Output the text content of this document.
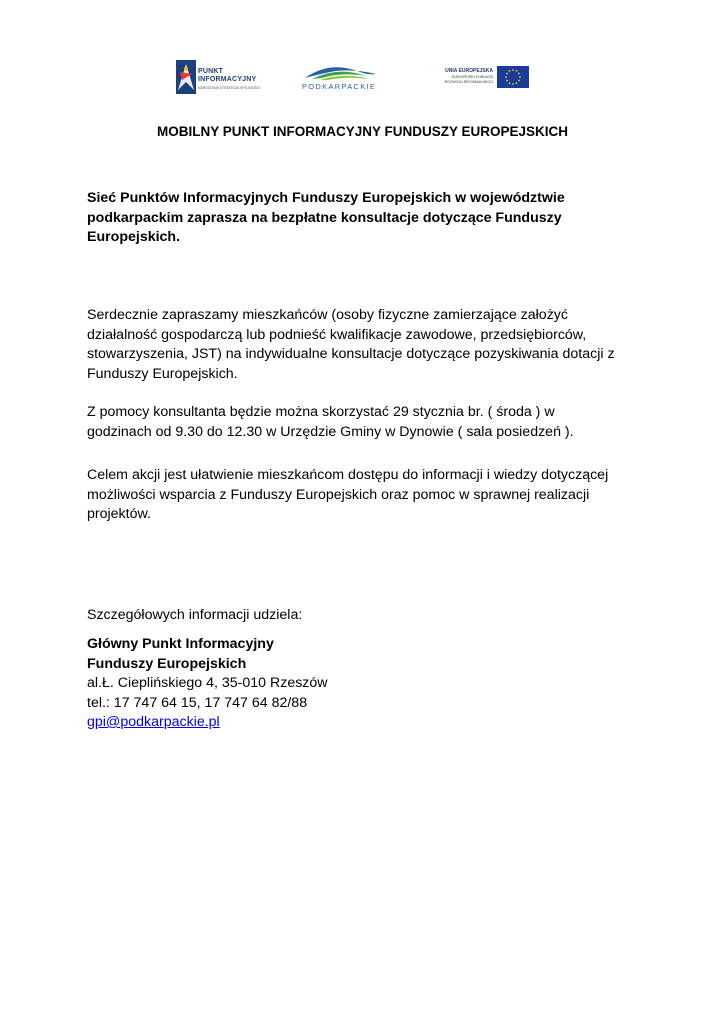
PUNKT
INFORMACYJNY
NARODOWA STRATEGIA SPÓJNOŚCI	PODKARPACKIE
UNIA EUROPEJSKA
EUROPEJSKI FUNDUSZ
ROZWOJU REGIONALNEGO
MOBILNY PUNKT INFORMACYJNY FUNDUSZY EUROPEJSKICH

Sieć Punktów Informacyjnych Funduszy Europejskich w województwie
podkarpackim zaprasza na bezpłatne konsultacje dotyczące Funduszy
Europejskich.

Serdecznie zapraszamy mieszkańców (osoby fizyczne zamierzające założyć
działalność gospodarczą lub podnieść kwalifikacje zawodowe, przedsiębiorców,
stowarzyszenia, JST) na indywidualne konsultacje dotyczące pozyskiwania dotacji z
Funduszy Europejskich.

Z pomocy konsultanta będzie można skorzystać 29 stycznia br. ( środa ) w
godzinach od 9.30 do 12.30 w Urzędzie Gminy w Dynowie ( sala posiedzeń ).

Celem akcji jest ułatwienie mieszkańcom dostępu do informacji i wiedzy dotyczącej
możliwości wsparcia z Funduszy Europejskich oraz pomoc w sprawnej realizacji
projektów.

Szczegółowych informacji udziela:

Główny Punkt Informacyjny
Funduszy Europejskich
al.Ł. Cieplińskiego 4, 35-010 Rzeszów
tel.: 17 747 64 15, 17 747 64 82/88
gpi@podkarpackie.pl
